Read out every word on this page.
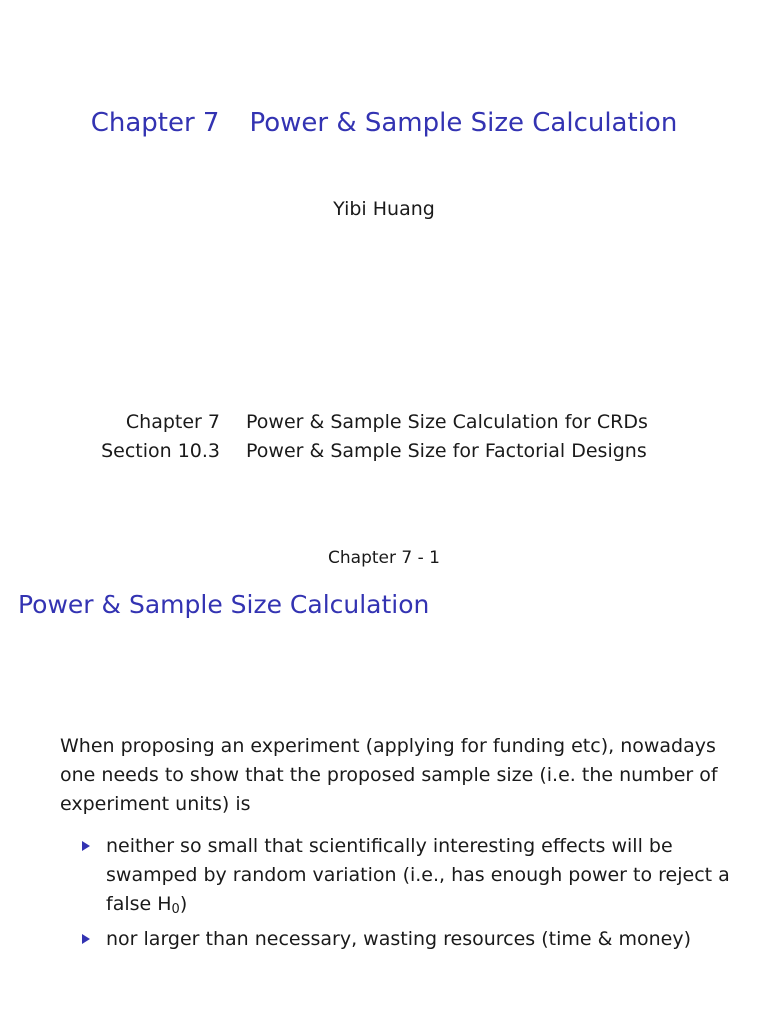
Chapter 7 Power & Sample Size Calculation
Yibi Huang
Chapter 7	Power & Sample Size Calculation for CRDs
Section 10.3	Power & Sample Size for Factorial Designs
Chapter 7 - 1
Power & Sample Size Calculation
When proposing an experiment (applying for funding etc), nowadays one needs to show that the proposed sample size (i.e. the number of experiment units) is
neither so small that scientifically interesting effects will be swamped by random variation (i.e., has enough power to reject a false $H_0$)
nor larger than necessary, wasting resources (time & money)
